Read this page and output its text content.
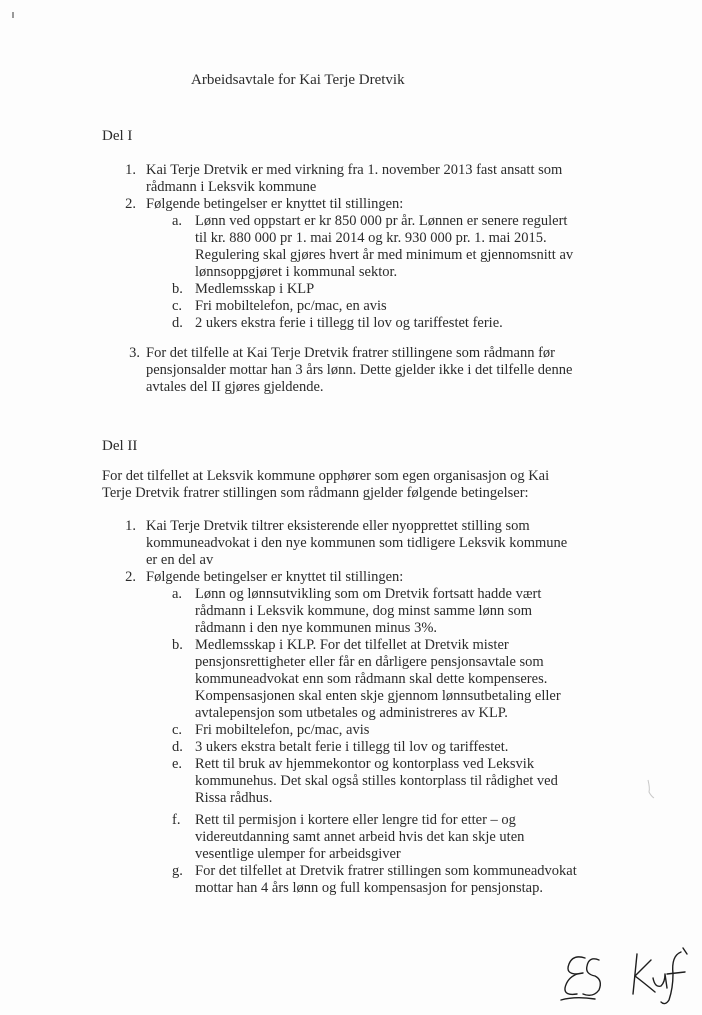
Arbeidsavtale for Kai Terje Dretvik
Del I
1. Kai Terje Dretvik er med virkning fra 1. november 2013 fast ansatt som
rådmann i Leksvik kommune
2. Følgende betingelser er knyttet til stillingen:
a. Lønn ved oppstart er kr 850 000 pr år. Lønnen er senere regulert
til kr. 880 000 pr 1. mai 2014 og kr. 930 000 pr. 1. mai 2015.
Regulering skal gjøres hvert år med minimum et gjennomsnitt av
lønnsoppgjøret i kommunal sektor.
b. Medlemsskap i KLP
c. Fri mobiltelefon, pc/mac, en avis
d. 2 ukers ekstra ferie i tillegg til lov og tariffestet ferie.
3. For det tilfelle at Kai Terje Dretvik fratrer stillingene som rådmann før
pensjonsalder mottar han 3 års lønn. Dette gjelder ikke i det tilfelle denne
avtales del II gjøres gjeldende.
Del II
For det tilfellet at Leksvik kommune opphører som egen organisasjon og Kai
Terje Dretvik fratrer stillingen som rådmann gjelder følgende betingelser:
1. Kai Terje Dretvik tiltrer eksisterende eller nyopprettet stilling som
kommuneadvokat i den nye kommunen som tidligere Leksvik kommune
er en del av
2. Følgende betingelser er knyttet til stillingen:
a. Lønn og lønnsutvikling som om Dretvik fortsatt hadde vært
rådmann i Leksvik kommune, dog minst samme lønn som
rådmann i den nye kommunen minus 3%.
b. Medlemsskap i KLP. For det tilfellet at Dretvik mister
pensjonsrettigheter eller får en dårligere pensjonsavtale som
kommuneadvokat enn som rådmann skal dette kompenseres.
Kompensasjonen skal enten skje gjennom lønnsutbetaling eller
avtalepensjon som utbetales og administreres av KLP.
c. Fri mobiltelefon, pc/mac, avis
d. 3 ukers ekstra betalt ferie i tillegg til lov og tariffestet.
e. Rett til bruk av hjemmekontor og kontorplass ved Leksvik
kommunehus. Det skal også stilles kontorplass til rådighet ved
Rissa rådhus.
f. Rett til permisjon i kortere eller lengre tid for etter – og
videreutdanning samt annet arbeid hvis det kan skje uten
vesentlige ulemper for arbeidsgiver
g. For det tilfellet at Dretvik fratrer stillingen som kommuneadvokat
mottar han 4 års lønn og full kompensasjon for pensjonstap.
